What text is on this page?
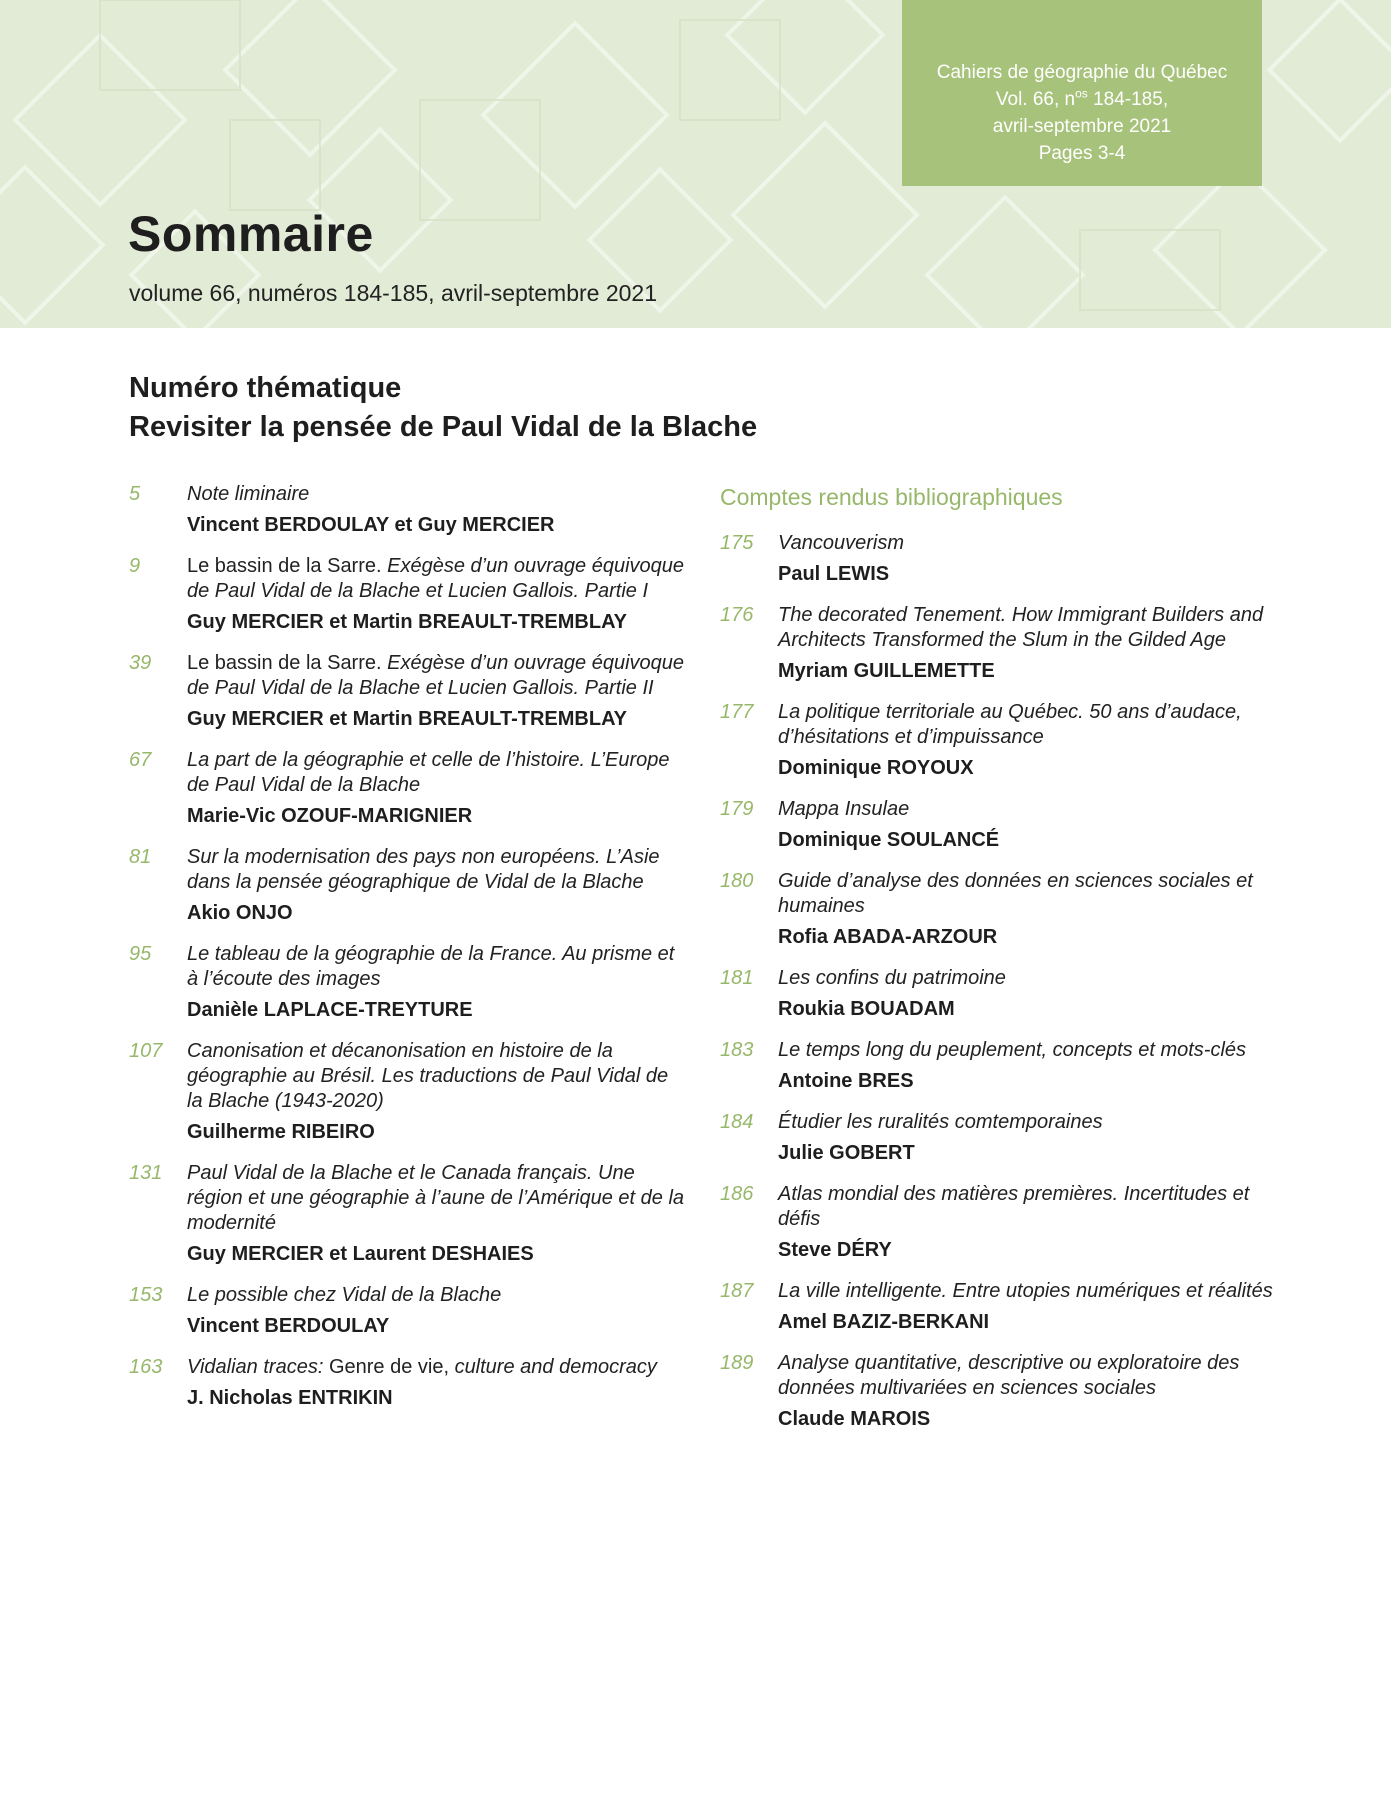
Cahiers de géographie du Québec
Vol. 66, $n^{os}$ 184-185,
avril-septembre 2021
Pages 3-4
Sommaire
volume 66, numéros 184-185, avril-septembre 2021
Numéro thématique
Revisiter la pensée de Paul Vidal de la Blache
5	Note liminaire
Vincent BERDOULAY et Guy MERCIER
9	Le bassin de la Sarre. Exégèse d’un ouvrage équivoque de Paul Vidal de la Blache et Lucien Gallois. Partie I
Guy MERCIER et Martin BREAULT-TREMBLAY
39	Le bassin de la Sarre. Exégèse d’un ouvrage équivoque de Paul Vidal de la Blache et Lucien Gallois. Partie II
Guy MERCIER et Martin BREAULT-TREMBLAY
67	La part de la géographie et celle de l’histoire. L’Europe de Paul Vidal de la Blache
Marie-Vic OZOUF-MARIGNIER
81	Sur la modernisation des pays non européens. L’Asie dans la pensée géographique de Vidal de la Blache
Akio ONJO
95	Le tableau de la géographie de la France. Au prisme et à l’écoute des images
Danièle LAPLACE-TREYTURE
107	Canonisation et décanonisation en histoire de la géographie au Brésil. Les traductions de Paul Vidal de la Blache (1943-2020)
Guilherme RIBEIRO
131	Paul Vidal de la Blache et le Canada français. Une région et une géographie à l’aune de l’Amérique et de la modernité
Guy MERCIER et Laurent DESHAIES
153	Le possible chez Vidal de la Blache
Vincent BERDOULAY
163	Vidalian traces: Genre de vie, culture and democracy
J. Nicholas ENTRIKIN
Comptes rendus bibliographiques
175	Vancouverism
Paul LEWIS
176	The decorated Tenement. How Immigrant Builders and Architects Transformed the Slum in the Gilded Age
Myriam GUILLEMETTE
177	La politique territoriale au Québec. 50 ans d’audace, d’hésitations et d’impuissance
Dominique ROYOUX
179	Mappa Insulae
Dominique SOULANCÉ
180	Guide d’analyse des données en sciences sociales et humaines
Rofia ABADA-ARZOUR
181	Les confins du patrimoine
Roukia BOUADAM
183	Le temps long du peuplement, concepts et mots-clés
Antoine BRES
184	Étudier les ruralités comtemporaines
Julie GOBERT
186	Atlas mondial des matières premières. Incertitudes et défis
Steve DÉRY
187	La ville intelligente. Entre utopies numériques et réalités
Amel BAZIZ-BERKANI
189	Analyse quantitative, descriptive ou exploratoire des données multivariées en sciences sociales
Claude MAROIS
